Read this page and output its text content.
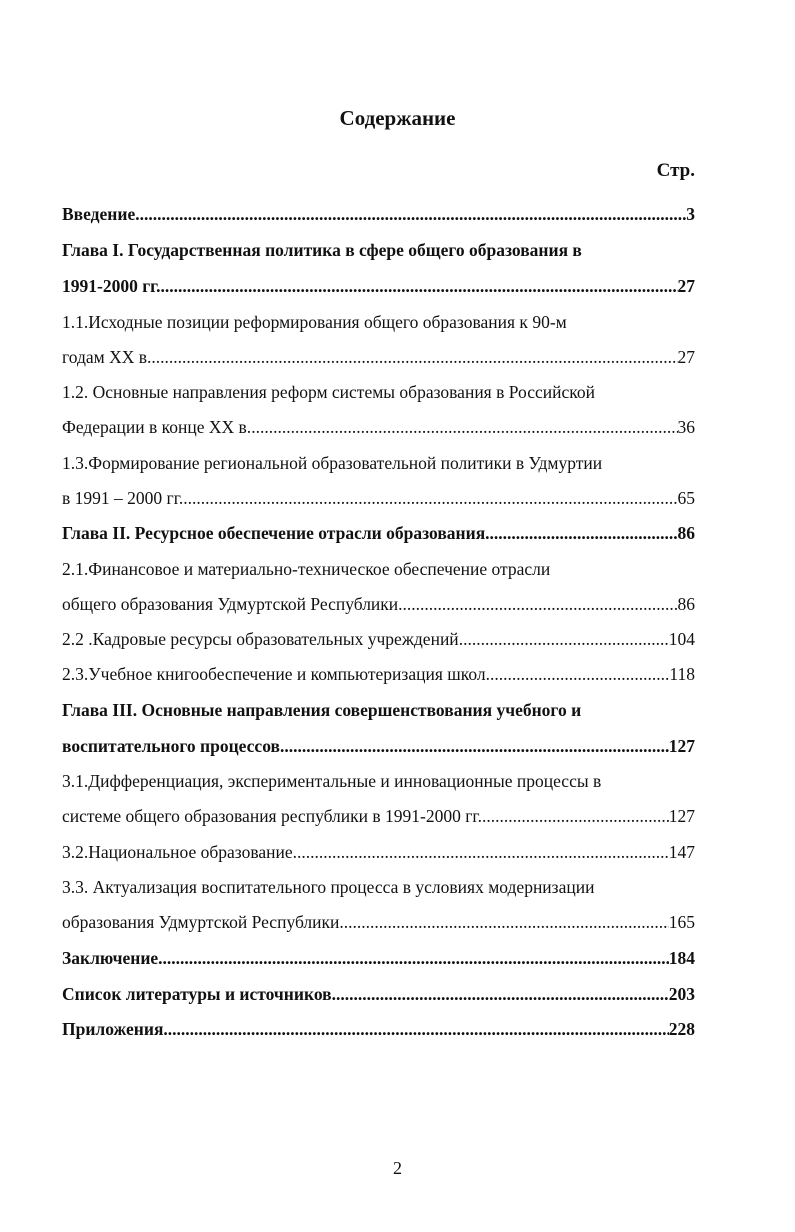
Содержание
Стр.
Введение .....	3
Глава I. Государственная политика в сфере общего образования в
1991-2000 гг. .....	27
1.1.Исходные позиции реформирования общего образования к 90-м
годам ХХ в. .....	27
1.2. Основные направления реформ системы образования в Российской
Федерации в конце ХХ в. .....	36
1.3.Формирование региональной образовательной политики в Удмуртии
в 1991 – 2000 гг. .....	65
Глава II. Ресурсное обеспечение отрасли образования .....	86
2.1.Финансовое и материально-техническое обеспечение отрасли
общего образования Удмуртской Республики .....	86
2.2 .Кадровые ресурсы образовательных учреждений .....	104
2.3.Учебное книгообеспечение и компьютеризация школ .....	118
Глава III. Основные направления совершенствования учебного и
воспитательного процессов .....	127
3.1.Дифференциация, экспериментальные и инновационные процессы в
системе общего образования республики в 1991-2000 гг. .....	127
3.2.Национальное образование .....	147
3.3. Актуализация воспитательного процесса в условиях модернизации
образования Удмуртской Республики .....	165
Заключение .....	184
Список литературы и источников .....	203
Приложения .....	228
2
